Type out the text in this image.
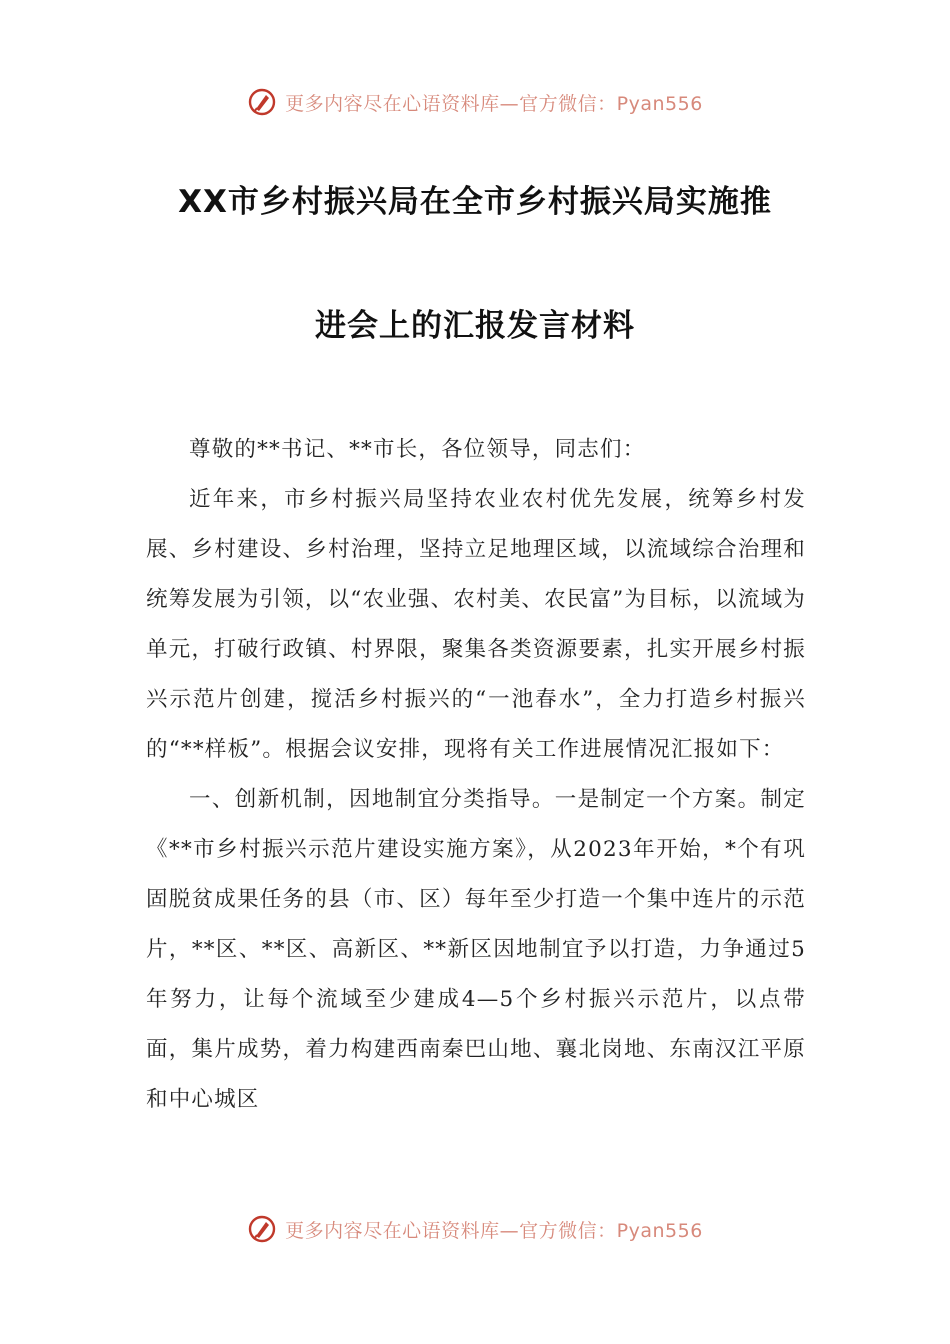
更多内容尽在心语资料库—官方微信：Pyan556
XX市乡村振兴局在全市乡村振兴局实施推
进会上的汇报发言材料

尊敬的**书记、**市长，各位领导，同志们：

近年来，市乡村振兴局坚持农业农村优先发展，统筹乡村发展、乡村建设、乡村治理，坚持立足地理区域，以流域综合治理和统筹发展为引领，以“农业强、农村美、农民富”为目标，以流域为单元，打破行政镇、村界限，聚集各类资源要素，扎实开展乡村振兴示范片创建，搅活乡村振兴的“一池春水”，全力打造乡村振兴的“**样板”。根据会议安排，现将有关工作进展情况汇报如下：

一、创新机制，因地制宜分类指导。一是制定一个方案。制定《**市乡村振兴示范片建设实施方案》，从2023年开始，*个有巩固脱贫成果任务的县（市、区）每年至少打造一个集中连片的示范片，**区、**区、高新区、**新区因地制宜予以打造，力争通过5年努力，让每个流域至少建成4—5个乡村振兴示范片，以点带面，集片成势，着力构建西南秦巴山地、襄北岗地、东南汉江平原和中心城区

更多内容尽在心语资料库—官方微信：Pyan556
